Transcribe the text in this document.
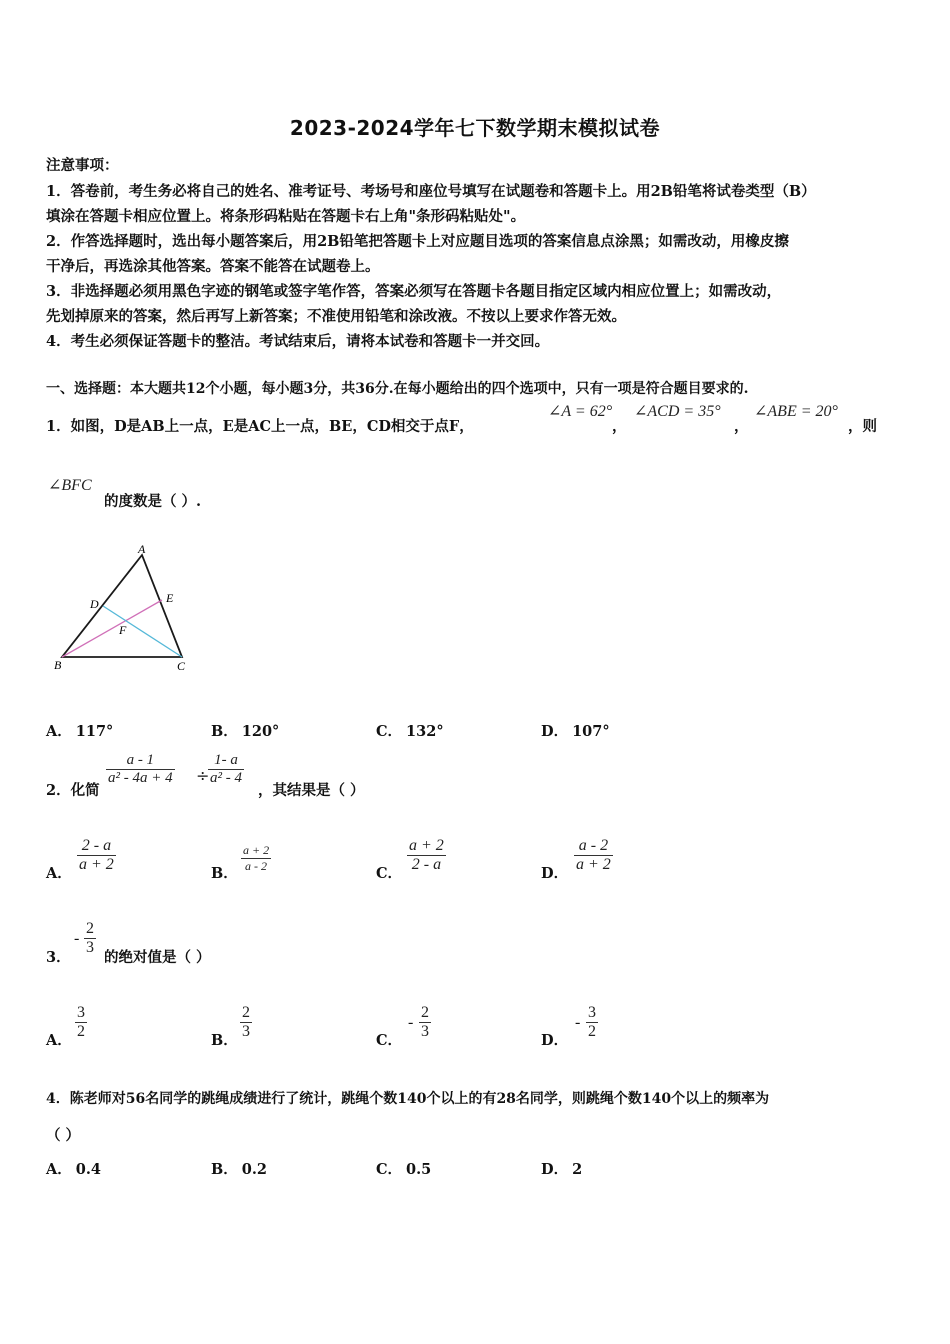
2023-2024学年七下数学期末模拟试卷
注意事项：
1．答卷前，考生务必将自己的姓名、准考证号、考场号和座位号填写在试题卷和答题卡上。用2B铅笔将试卷类型（B）
填涂在答题卡相应位置上。将条形码粘贴在答题卡右上角"条形码粘贴处"。
2．作答选择题时，选出每小题答案后，用2B铅笔把答题卡上对应题目选项的答案信息点涂黑；如需改动，用橡皮擦
干净后，再选涂其他答案。答案不能答在试题卷上。
3．非选择题必须用黑色字迹的钢笔或签字笔作答，答案必须写在答题卡各题目指定区域内相应位置上；如需改动，
先划掉原来的答案，然后再写上新答案；不准使用铅笔和涂改液。不按以上要求作答无效。
4．考生必须保证答题卡的整洁。考试结束后，请将本试卷和答题卡一并交回。
一、选择题：本大题共12个小题，每小题3分，共36分.在每小题给出的四个选项中，只有一项是符合题目要求的.
1．如图，D是AB上一点，E是AC上一点，BE，CD相交于点F，
∠A = 62°
，
∠ACD = 35°
，
∠ABE = 20°
，则
∠BFC
的度数是（ ）.
A
B	C
D	E
F
A． 117°	B． 120°	C． 132°	D． 107°
2．化简
$\frac{a - 1}{\text{a² - 4a + 4}}$ ÷
$\frac{1- a}{\text{a² - 4}}$
，其结果是（ ）
A． $\frac{2 - a}{a + 2}$	B． $\frac{a + 2}{a - 2}$	C． $\frac{a + 2}{2 - a}$	D． $\frac{a - 2}{a + 2}$
3．
- $\frac{2}{3}$
的绝对值是（ ）
A． $\frac{3}{2}$	B． $\frac{2}{3}$	C．
- $\frac{2}{3}$	D．
- $\frac{3}{2}$
4．陈老师对56名同学的跳绳成绩进行了统计，跳绳个数140个以上的有28名同学，则跳绳个数140个以上的频率为
（ ）
A． 0.4	B． 0.2	C． 0.5	D． 2
